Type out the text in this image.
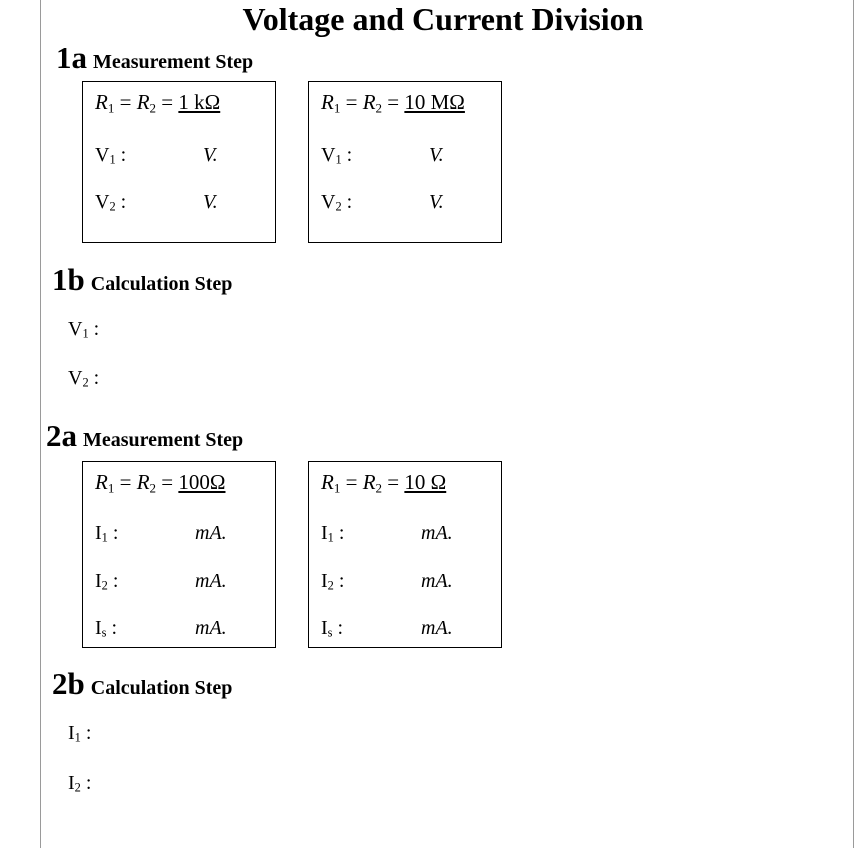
Voltage and Current Division
1a Measurement Step
$R_1 = R_2 = 1$ kΩ
V1 :	V.
V2 :	V.
$R_1 = R_2 = 10$ MΩ
V1 :	V.
V2 :	V.
1b Calculation Step
V1 :
V2 :
2a Measurement Step
$R_1 = R_2 = 100\Omega$
I1 :	mA.
I2 :	mA.
Is :	mA.
$R_1 = R_2 = 10$ Ω
I1 :	mA.
I2 :	mA.
Is :	mA.
2b Calculation Step
I1 :
I2 :
